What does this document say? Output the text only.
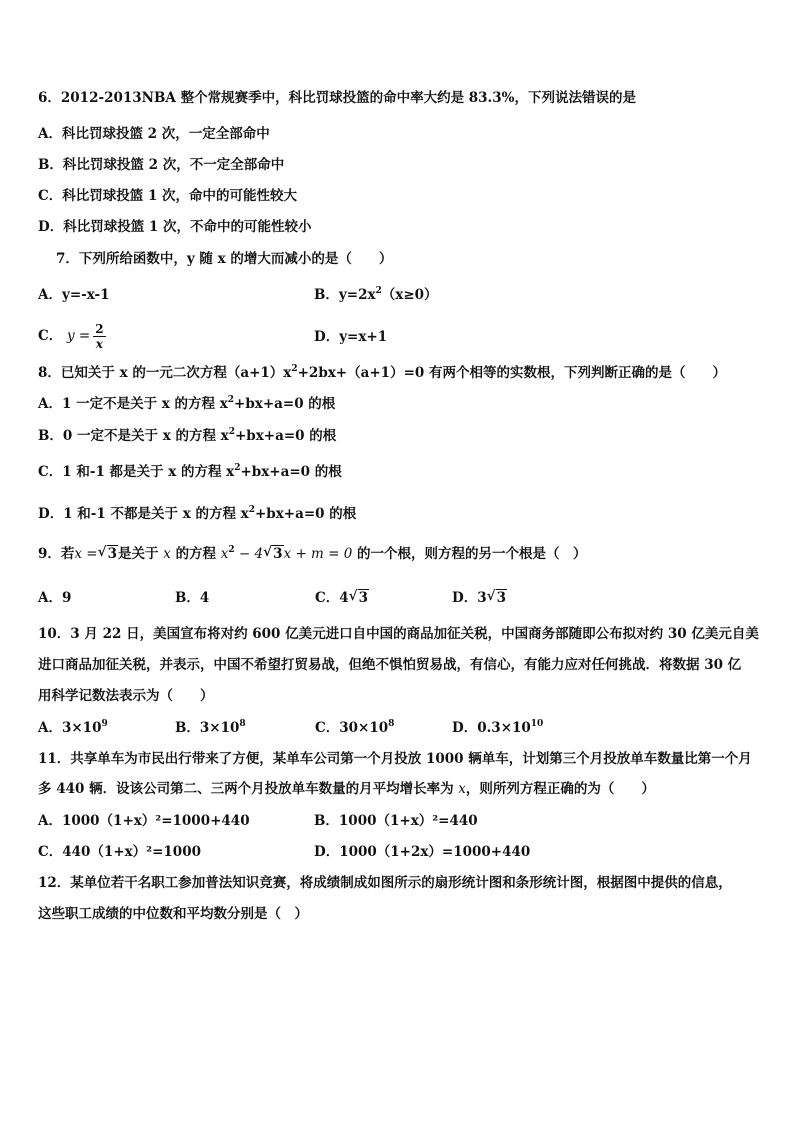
6．2012-2013NBA 整个常规赛季中，科比罚球投篮的命中率大约是 83.3%，下列说法错误的是
A．科比罚球投篮 2 次，一定全部命中
B．科比罚球投篮 2 次，不一定全部命中
C．科比罚球投篮 1 次，命中的可能性较大
D．科比罚球投篮 1 次，不命中的可能性较小
7．下列所给函数中，y 随 x 的增大而减小的是（　　）
A．y=-x-1	B．$y=2x^2(x\ge 0)$
C． $y = \frac{2}{x}$	D．y=x+1
8．已知关于 x 的一元二次方程$(a+1)x^2+2bx+(a+1)=0$ 有两个相等的实数根，下列判断正确的是（　　）
A．1 一定不是关于 x 的方程 $x^2+bx+a=0$ 的根
B．0 一定不是关于 x 的方程 $x^2+bx+a=0$ 的根
C．1 和-1 都是关于 x 的方程 $x^2+bx+a=0$ 的根
D．1 和-1 不都是关于 x 的方程 $x^2+bx+a=0$ 的根
9．若x =√ 3是关于 x 的方程 $x^2 - 4√$ 3x + m = 0 的一个根，则方程的另一个根是（　）
A．9	B．4	C．4√ 3	D．3√ 3
10．3 月 22 日，美国宣布将对约 600 亿美元进口自中国的商品加征关税，中国商务部随即公布拟对约 30 亿美元自美
进口商品加征关税，并表示，中国不希望打贸易战，但绝不惧怕贸易战，有信心，有能力应对任何挑战．将数据 30 亿
用科学记数法表示为（　　）
A．$3\times 10^9$	B．$3\times 10^8$	C．$30\times 10^8$	D．$0.3\times 10^{10}$
11．共享单车为市民出行带来了方便，某单车公司第一个月投放 1000 辆单车，计划第三个月投放单车数量比第一个月
多 440 辆．设该公司第二、三两个月投放单车数量的月平均增长率为 x，则所列方程正确的为（　　）
A．1000（1+x）²=1000+440	B．1000（1+x）²=440
C．440（1+x）²=1000	D．1000（1+2x）=1000+440
12．某单位若干名职工参加普法知识竞赛，将成绩制成如图所示的扇形统计图和条形统计图，根据图中提供的信息，
这些职工成绩的中位数和平均数分别是（　）
